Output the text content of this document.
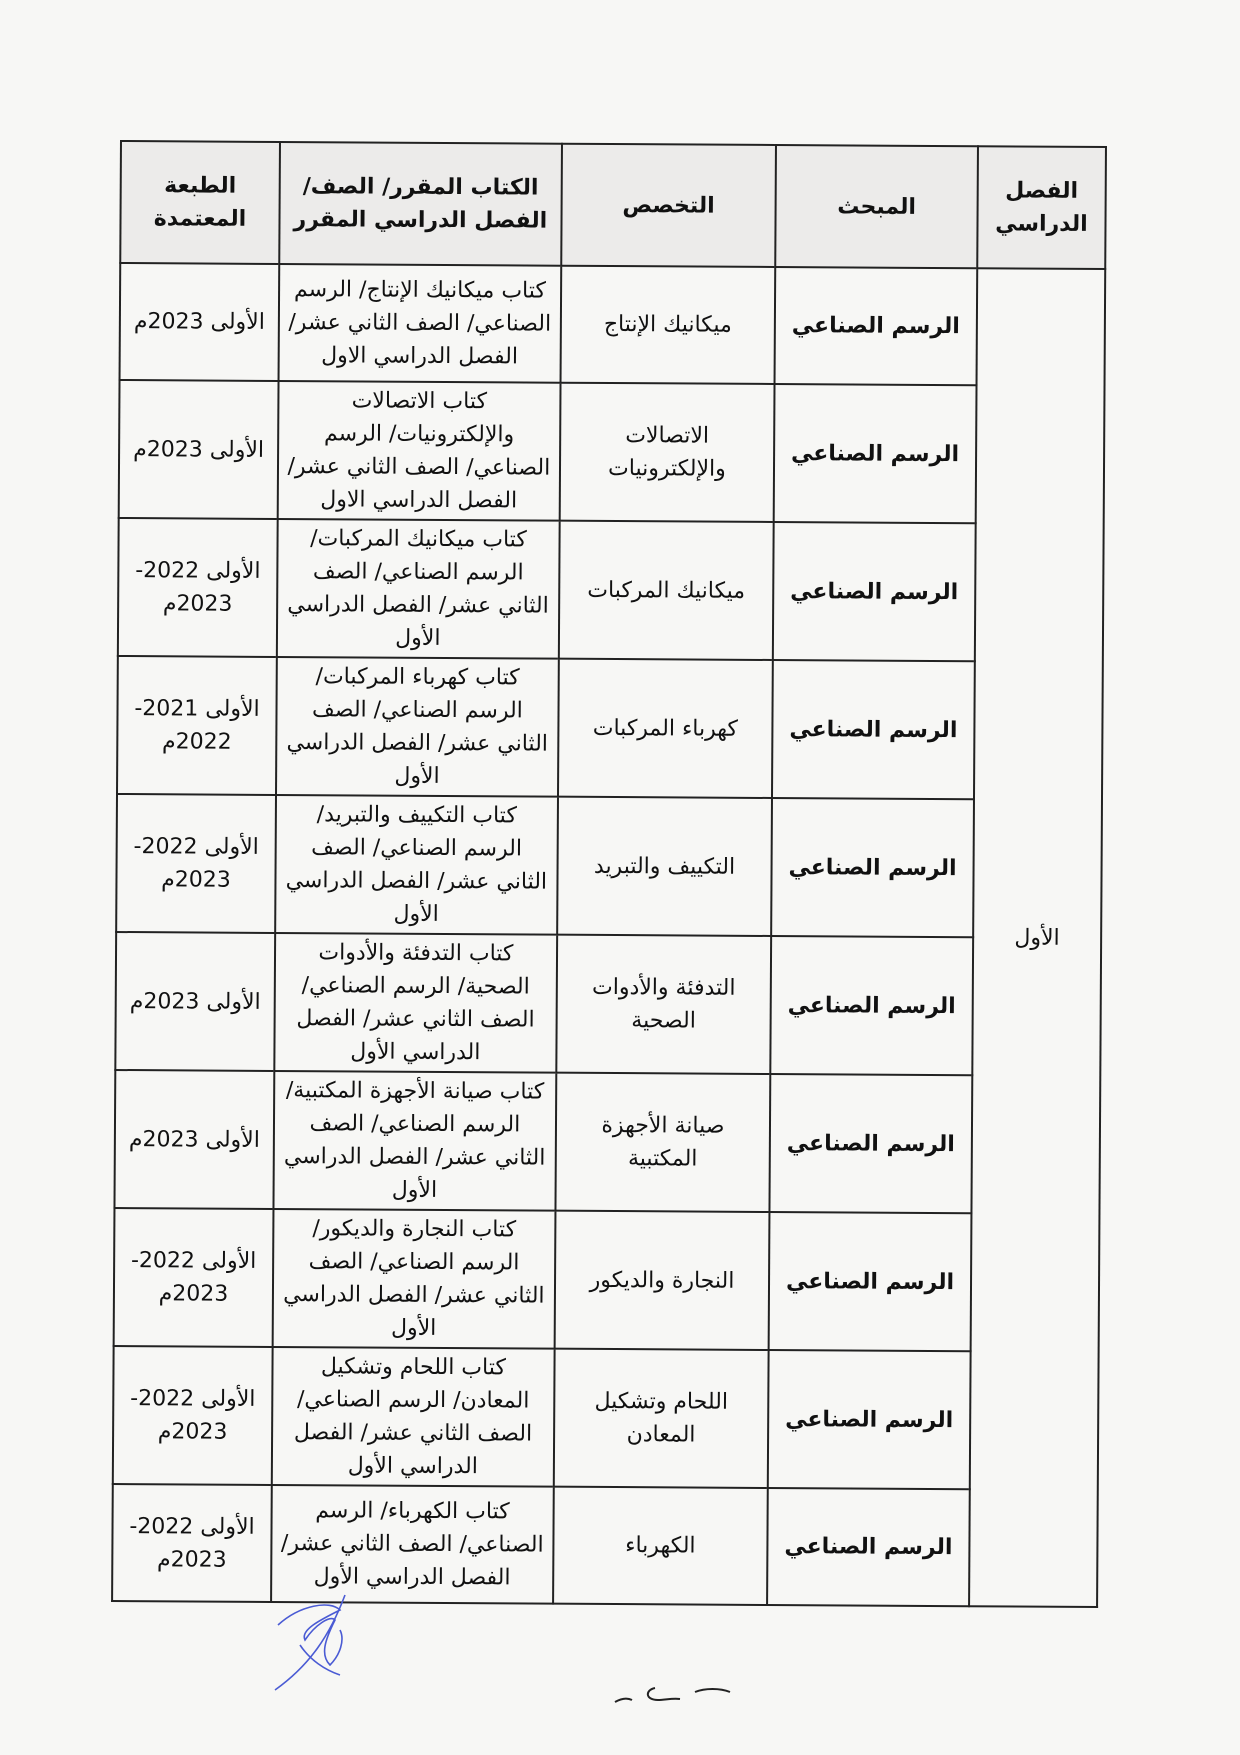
الفصل الدراسي	المبحث	التخصص	الكتاب المقرر/ الصف/ الفصل الدراسي المقرر	الطبعة المعتمدة
الأول	الرسم الصناعي	ميكانيك الإنتاج	كتاب ميكانيك الإنتاج/ الرسم الصناعي/ الصف الثاني عشر/ الفصل الدراسي الاول	الأولى 2023م
	الرسم الصناعي	الاتصالات والإلكترونيات	كتاب الاتصالات والإلكترونيات/ الرسم الصناعي/ الصف الثاني عشر/ الفصل الدراسي الاول	الأولى 2023م
	الرسم الصناعي	ميكانيك المركبات	كتاب ميكانيك المركبات/ الرسم الصناعي/ الصف الثاني عشر/ الفصل الدراسي الأول	الأولى 2022-2023م
	الرسم الصناعي	كهرباء المركبات	كتاب كهرباء المركبات/ الرسم الصناعي/ الصف الثاني عشر/ الفصل الدراسي الأول	الأولى 2021-2022م
	الرسم الصناعي	التكييف والتبريد	كتاب التكييف والتبريد/ الرسم الصناعي/ الصف الثاني عشر/ الفصل الدراسي الأول	الأولى 2022-2023م
	الرسم الصناعي	التدفئة والأدوات الصحية	كتاب التدفئة والأدوات الصحية/ الرسم الصناعي/ الصف الثاني عشر/ الفصل الدراسي الأول	الأولى 2023م
	الرسم الصناعي	صيانة الأجهزة المكتبية	كتاب صيانة الأجهزة المكتبية/ الرسم الصناعي/ الصف الثاني عشر/ الفصل الدراسي الأول	الأولى 2023م
	الرسم الصناعي	النجارة والديكور	كتاب النجارة والديكور/ الرسم الصناعي/ الصف الثاني عشر/ الفصل الدراسي الأول	الأولى 2022-2023م
	الرسم الصناعي	اللحام وتشكيل المعادن	كتاب اللحام وتشكيل المعادن/ الرسم الصناعي/ الصف الثاني عشر/ الفصل الدراسي الأول	الأولى 2022-2023م
	الرسم الصناعي	الكهرباء	كتاب الكهرباء/ الرسم الصناعي/ الصف الثاني عشر/ الفصل الدراسي الأول	الأولى 2022-2023م
